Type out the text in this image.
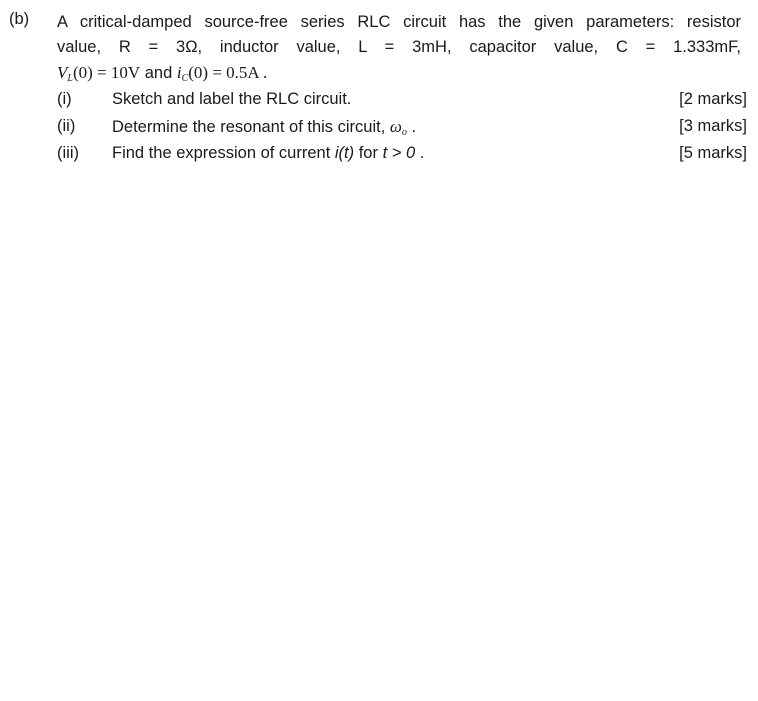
(b) A critical-damped source-free series RLC circuit has the given parameters: resistor
value, R = 3Ω, inductor value, L = 3mH, capacitor value, C = 1.333mF,
$V_L(0) = 10V$ and $i_C(0) = 0.5A$ .
(i) Sketch and label the RLC circuit.	[2 marks]
(ii) Determine the resonant of this circuit, $\omega_o$ .	[3 marks]
(iii) Find the expression of current i(t) for t > 0 .	[5 marks]
